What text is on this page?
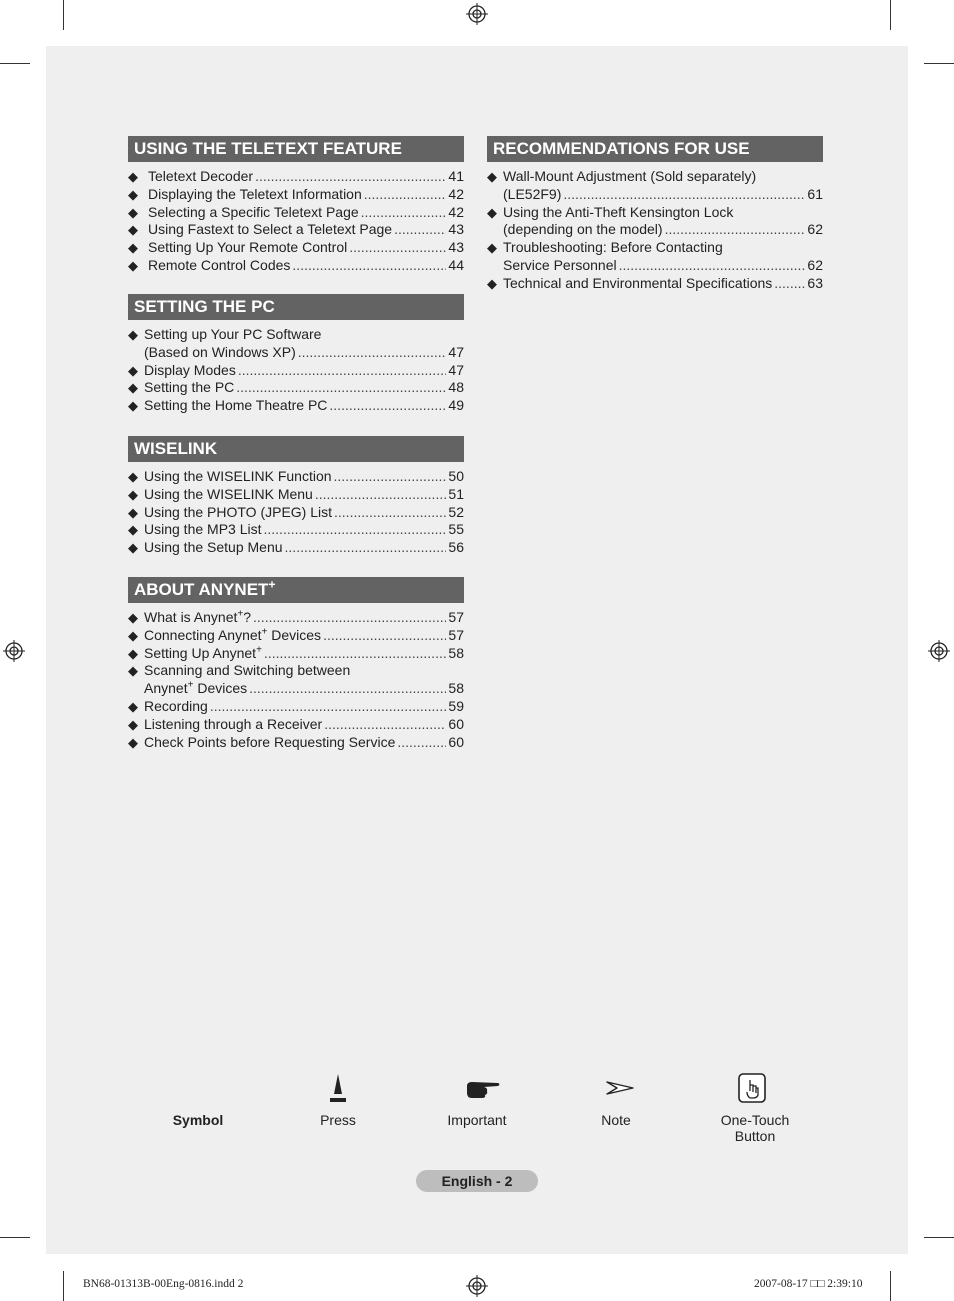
USING THE TELETEXT FEATURE
◆ Teletext Decoder .....	41
◆ Displaying the Teletext Information .....	42
◆ Selecting a Specific Teletext Page .....	42
◆ Using Fastext to Select a Teletext Page .....	43
◆ Setting Up Your Remote Control .....	43
◆ Remote Control Codes .....	44
SETTING THE PC
◆ Setting up Your PC Software
(Based on Windows XP) .....	47
◆ Display Modes .....	47
◆ Setting the PC .....	48
◆ Setting the Home Theatre PC .....	49
WISELINK
◆ Using the WISELINK Function .....	50
◆ Using the WISELINK Menu .....	51
◆ Using the PHOTO (JPEG) List .....	52
◆ Using the MP3 List .....	55
◆ Using the Setup Menu .....	56
ABOUT ANYNET+
◆ What is Anynet+? .....	57
◆ Connecting Anynet+ Devices .....	57
◆ Setting Up Anynet+ .....	58
◆ Scanning and Switching between
Anynet+ Devices .....	58
◆ Recording .....	59
◆ Listening through a Receiver .....	60
◆ Check Points before Requesting Service .....	60
RECOMMENDATIONS FOR USE
◆ Wall-Mount Adjustment (Sold separately)
(LE52F9) .....	61
◆ Using the Anti-Theft Kensington Lock
(depending on the model) .....	62
◆ Troubleshooting: Before Contacting
Service Personnel .....	62
◆ Technical and Environmental Specifications .....	63
Symbol	Press	Important	Note	One-Touch
Button
English - 2
BN68-01313B-00Eng-0816.indd 2	2007-08-17 □□ 2:39:10
